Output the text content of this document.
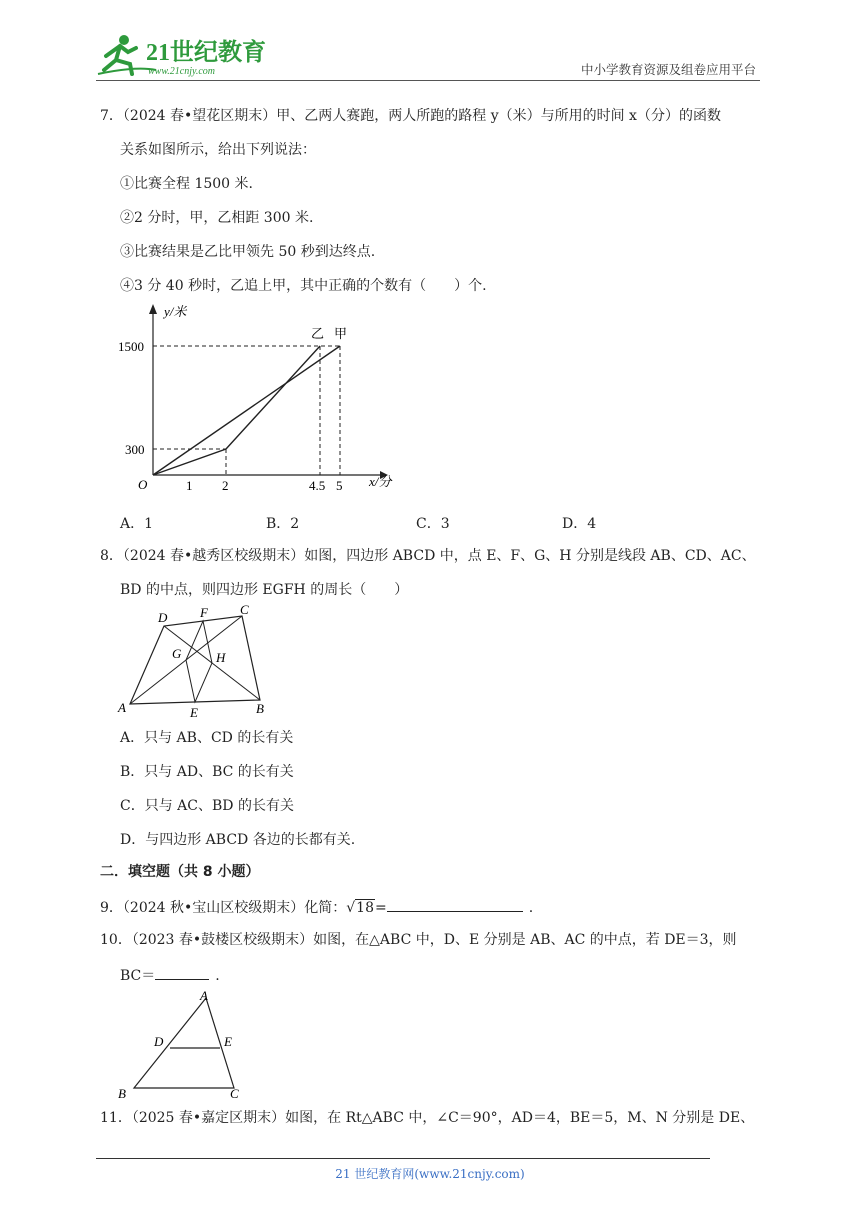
21世纪教育
www.21cnjy.com	中小学教育资源及组卷应用平台
7．（2024 春•望花区期末）甲、乙两人赛跑，两人所跑的路程 y（米）与所用的时间 x（分）的函数
关系如图所示，给出下列说法：
①比赛全程 1500 米.
②2 分时，甲，乙相距 300 米.
③比赛结果是乙比甲领先 50 秒到达终点.
④3 分 40 秒时，乙追上甲，其中正确的个数有（　　）个.
y/米
x/分
O
1500
300
1 2	4.5 5
乙 甲
A．1	B．2	C．3	D．4
8．（2024 春•越秀区校级期末）如图，四边形 ABCD 中，点 E、F、G、H 分别是线段 AB、CD、AC、
BD 的中点，则四边形 EGFH 的周长（　　）
D	F C
G	H
A	E	B
A．只与 AB、CD 的长有关
B．只与 AD、BC 的长有关
C．只与 AC、BD 的长有关
D．与四边形 ABCD 各边的长都有关.
二．填空题（共 8 小题）
9．（2024 秋•宝山区校级期末）化简：√18=	.
10．（2023 春•鼓楼区校级期末）如图，在△ABC 中，D、E 分别是 AB、AC 的中点，若 DE＝3，则
BC＝	.
A
D	E
B	C
11．（2025 春•嘉定区期末）如图，在 Rt△ABC 中，∠C＝90°，AD＝4，BE＝5，M、N 分别是 DE、
21 世纪教育网(www.21cnjy.com)
